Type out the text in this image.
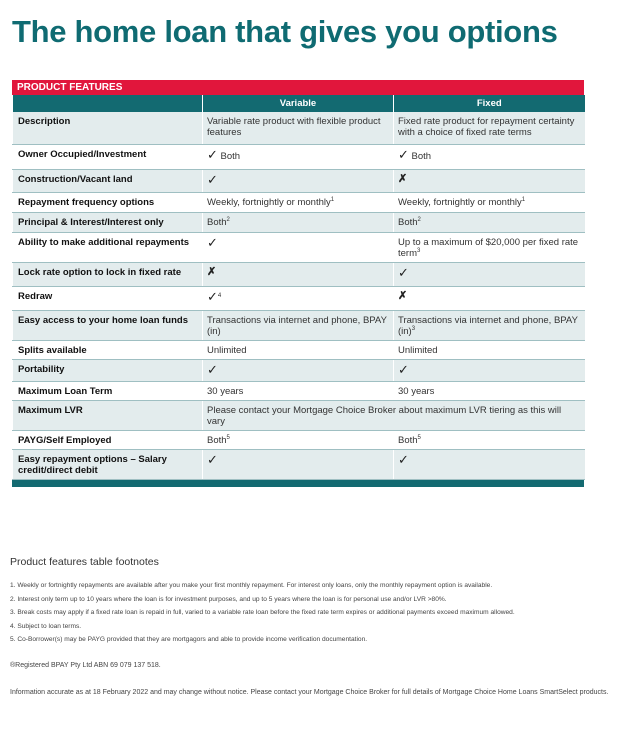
The home loan that gives you options
PRODUCT FEATURES
	Variable	Fixed
Description	Variable rate product with flexible product features	Fixed rate product for repayment certainty with a choice of fixed rate terms
Owner Occupied/Investment	✓ Both	✓ Both
Construction/Vacant land	✓	✗
Repayment frequency options	Weekly, fortnightly or monthly$^1$	Weekly, fortnightly or monthly$^1$
Principal & Interest/Interest only	Both$^2$	Both$^2$
Ability to make additional repayments	✓	Up to a maximum of $20,000 per fixed rate term$^3$
Lock rate option to lock in fixed rate	✗	✓
Redraw	✓$^4$	✗
Easy access to your home loan funds	Transactions via internet and phone, BPAY (in)	Transactions via internet and phone, BPAY (in)$^3$
Splits available	Unlimited	Unlimited
Portability	✓	✓
Maximum Loan Term	30 years	30 years
Maximum LVR	Please contact your Mortgage Choice Broker about maximum LVR tiering as this will vary	
PAYG/Self Employed	Both$^5$	Both$^5$
Easy repayment options – Salary credit/direct debit	✓	✓
Product features table footnotes
1. Weekly or fortnightly repayments are available after you make your first monthly repayment. For interest only loans, only the monthly repayment option is available.
2. Interest only term up to 10 years where the loan is for investment purposes, and up to 5 years where the loan is for personal use and/or LVR >80%.
3. Break costs may apply if a fixed rate loan is repaid in full, varied to a variable rate loan before the fixed rate term expires or additional payments exceed maximum allowed.
4. Subject to loan terms.
5. Co-Borrower(s) may be PAYG provided that they are mortgagors and able to provide income verification documentation.
®Registered BPAY Pty Ltd ABN 69 079 137 518.
Information accurate as at 18 February 2022 and may change without notice. Please contact your Mortgage Choice Broker for full details of Mortgage Choice Home Loans SmartSelect products.
